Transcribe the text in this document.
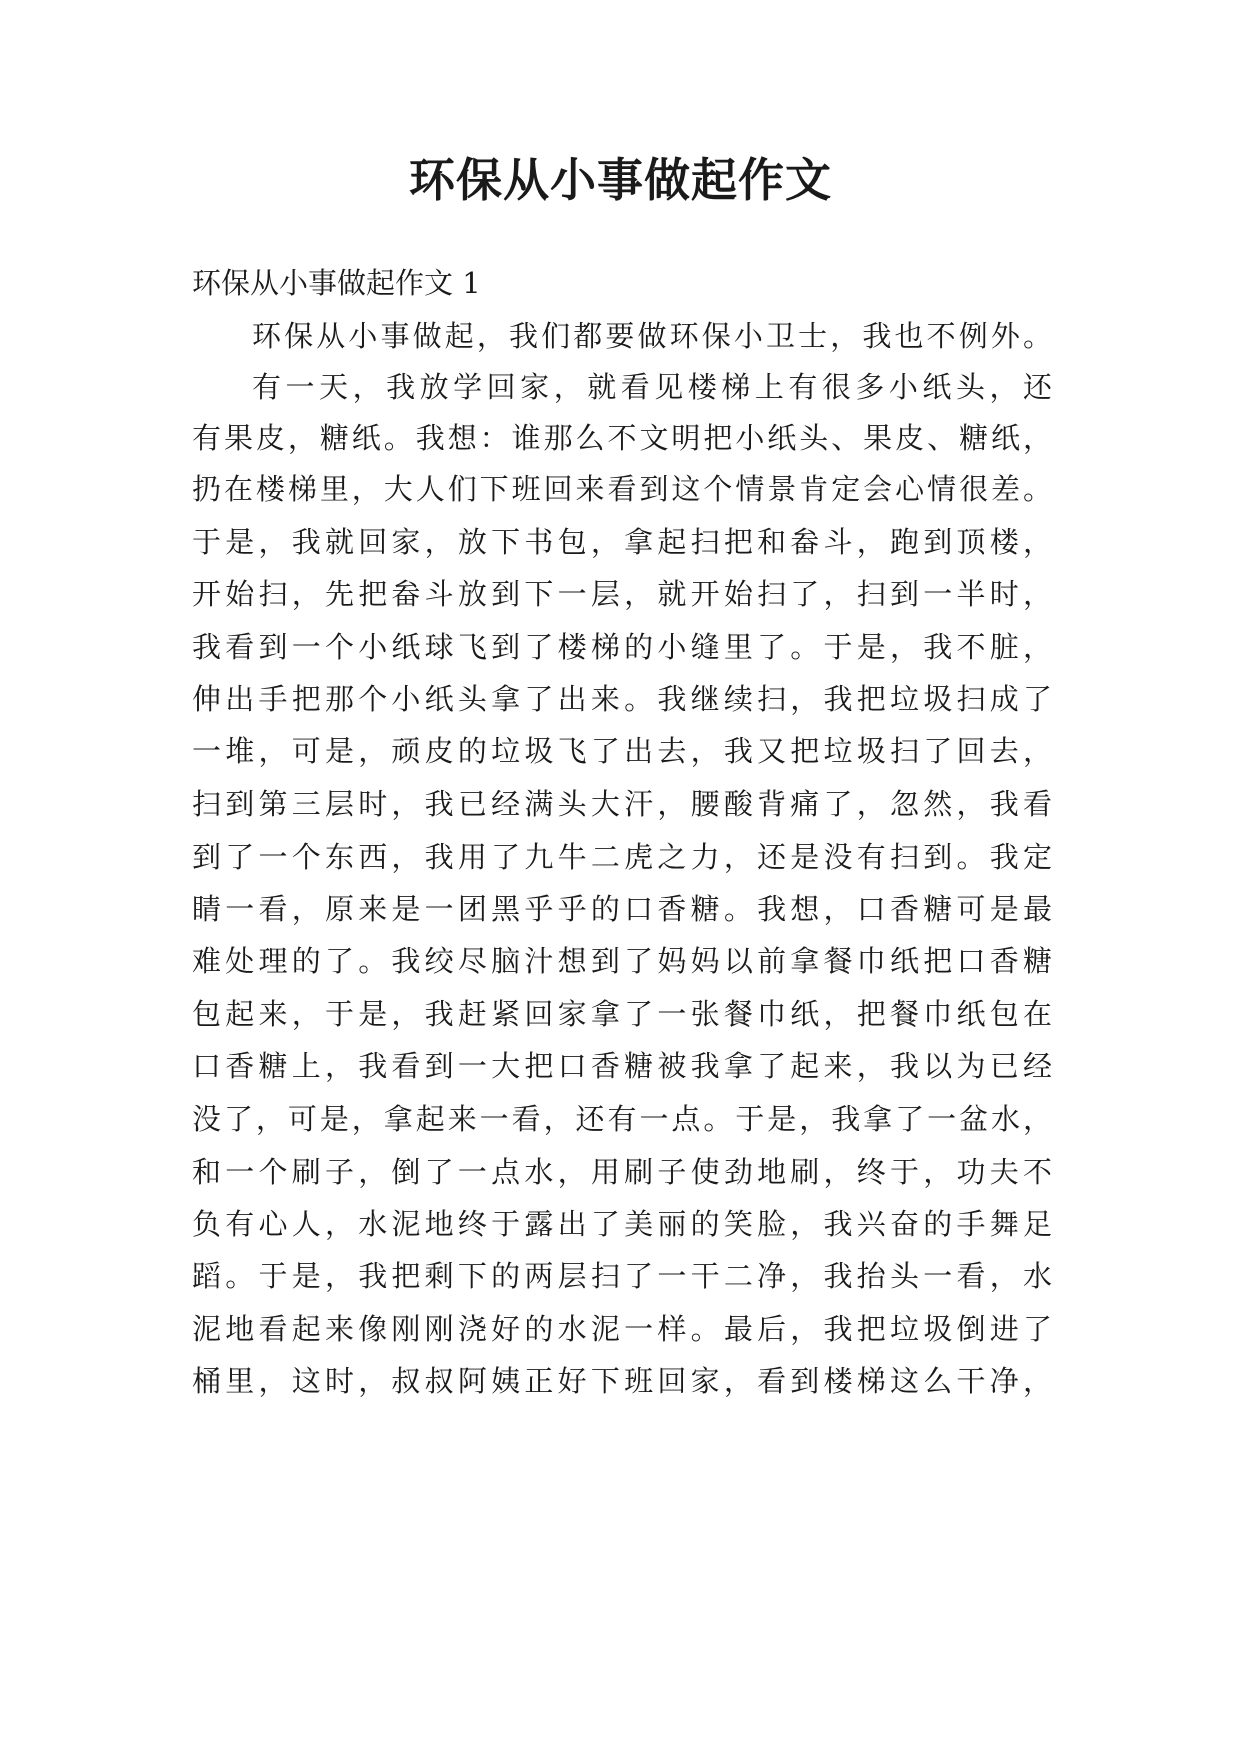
环保从小事做起作文
环保从小事做起作文 1
环保从小事做起，我们都要做环保小卫士，我也不例外。
有一天，我放学回家，就看见楼梯上有很多小纸头，还
有果皮，糖纸。我想：谁那么不文明把小纸头、果皮、糖纸，
扔在楼梯里，大人们下班回来看到这个情景肯定会心情很差。
于是，我就回家，放下书包，拿起扫把和畚斗，跑到顶楼，
开始扫，先把畚斗放到下一层，就开始扫了，扫到一半时，
我看到一个小纸球飞到了楼梯的小缝里了。于是，我不脏，
伸出手把那个小纸头拿了出来。我继续扫，我把垃圾扫成了
一堆，可是，顽皮的垃圾飞了出去，我又把垃圾扫了回去，
扫到第三层时，我已经满头大汗，腰酸背痛了，忽然，我看
到了一个东西，我用了九牛二虎之力，还是没有扫到。我定
睛一看，原来是一团黑乎乎的口香糖。我想，口香糖可是最
难处理的了。我绞尽脑汁想到了妈妈以前拿餐巾纸把口香糖
包起来，于是，我赶紧回家拿了一张餐巾纸，把餐巾纸包在
口香糖上，我看到一大把口香糖被我拿了起来，我以为已经
没了，可是，拿起来一看，还有一点。于是，我拿了一盆水，
和一个刷子，倒了一点水，用刷子使劲地刷，终于，功夫不
负有心人，水泥地终于露出了美丽的笑脸，我兴奋的手舞足
蹈。于是，我把剩下的两层扫了一干二净，我抬头一看，水
泥地看起来像刚刚浇好的水泥一样。最后，我把垃圾倒进了
桶里，这时，叔叔阿姨正好下班回家，看到楼梯这么干净，
